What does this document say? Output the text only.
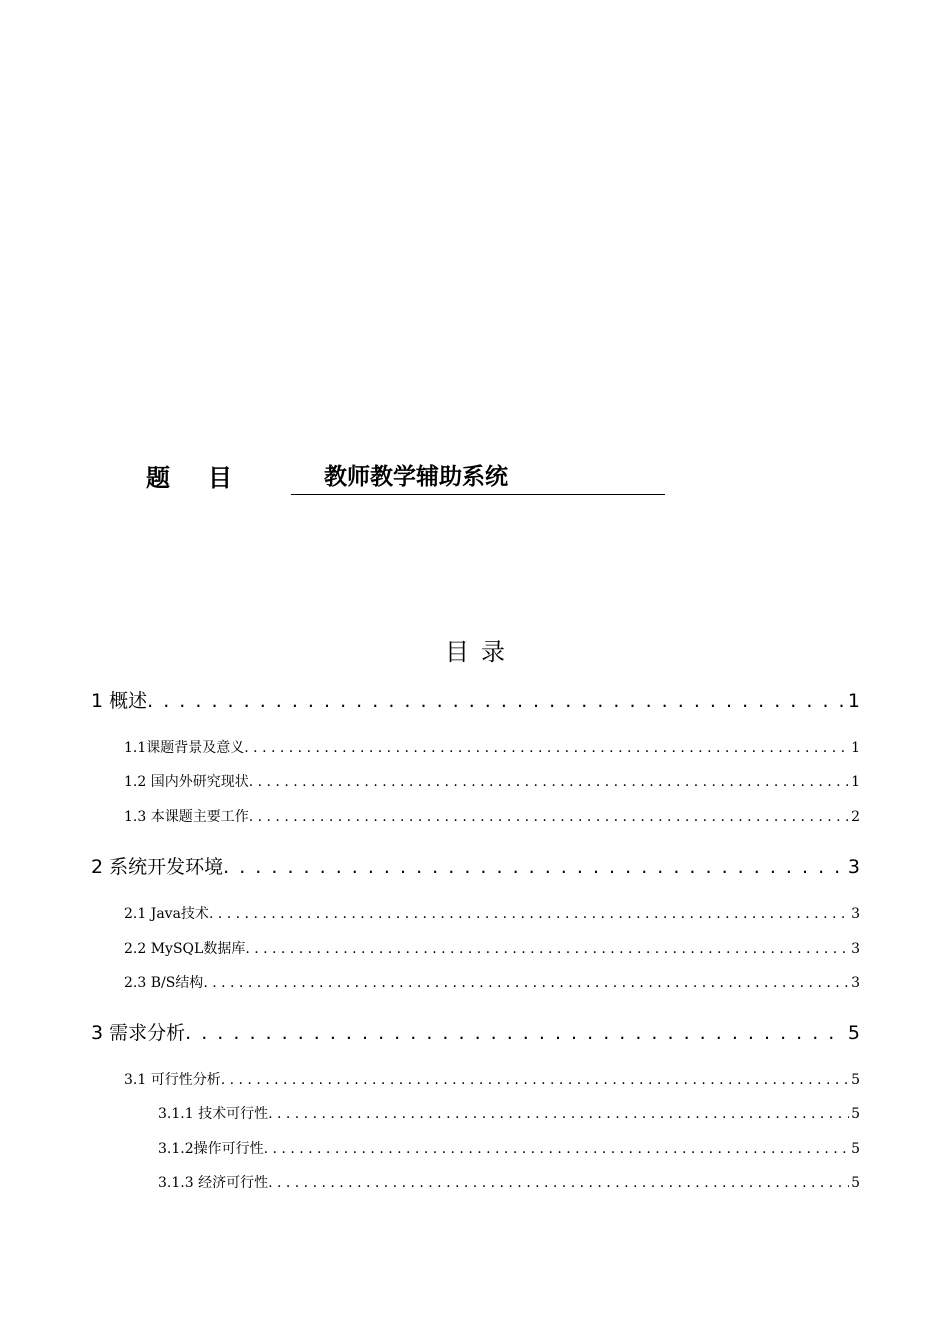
题目 教师教学辅助系统
目录
1 概述 . . .	1
1.1课题背景及意义 . . .	1
1.2 国内外研究现状 . . .	1
1.3 本课题主要工作 . . .	2
2 系统开发环境 . . .	3
2.1 Java技术 . . .	3
2.2 MySQL数据库 . . .	3
2.3 B/S结构 . . .	3
3 需求分析 . . .	5
3.1 可行性分析 . . .	5
3.1.1 技术可行性 . . .	5
3.1.2操作可行性 . . .	5
3.1.3 经济可行性 . . .	5
